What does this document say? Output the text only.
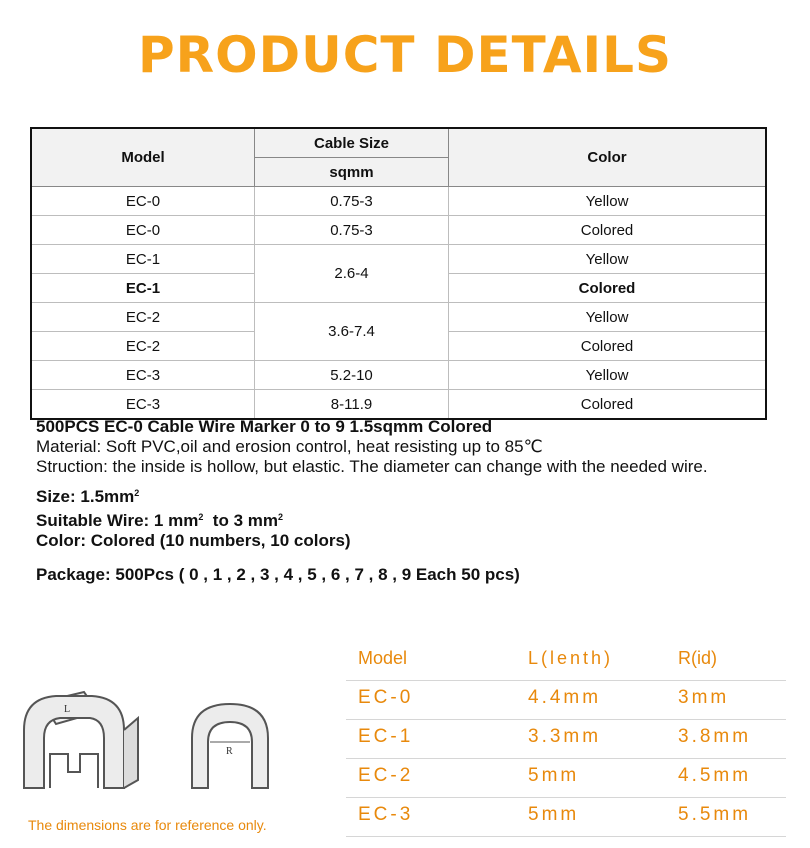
PRODUCT DETAILS
Model	Cable Size	Color
	sqmm	
EC-0	0.75-3	Yellow
EC-0	0.75-3	Colored
EC-1	2.6-4	Yellow
EC-1		Colored
EC-2	3.6-7.4	Yellow
EC-2		Colored
EC-3	5.2-10	Yellow
EC-3	8-11.9	Colored

500PCS EC-0 Cable Wire Marker 0 to 9 1.5sqmm Colored

Material: Soft PVC,oil and erosion control, heat resisting up to 85℃

Struction: the inside is hollow, but elastic. The diameter can change with the needed wire.

Size: $1.5mm^2$

Suitable Wire: 1 $mm^2$  to 3 $mm^2$

Color: Colored (10 numbers, 10 colors)

Package: 500Pcs ( 0 , 1 , 2 , 3 , 4 , 5 , 6 , 7 , 8 , 9 Each 50 pcs)

L
R
Model	L(lenth)	R(id)
EC-0	4.4mm	3mm
EC-1	3.3mm	3.8mm
EC-2	5mm	4.5mm
EC-3	5mm	5.5mm
The dimensions are for reference only.
